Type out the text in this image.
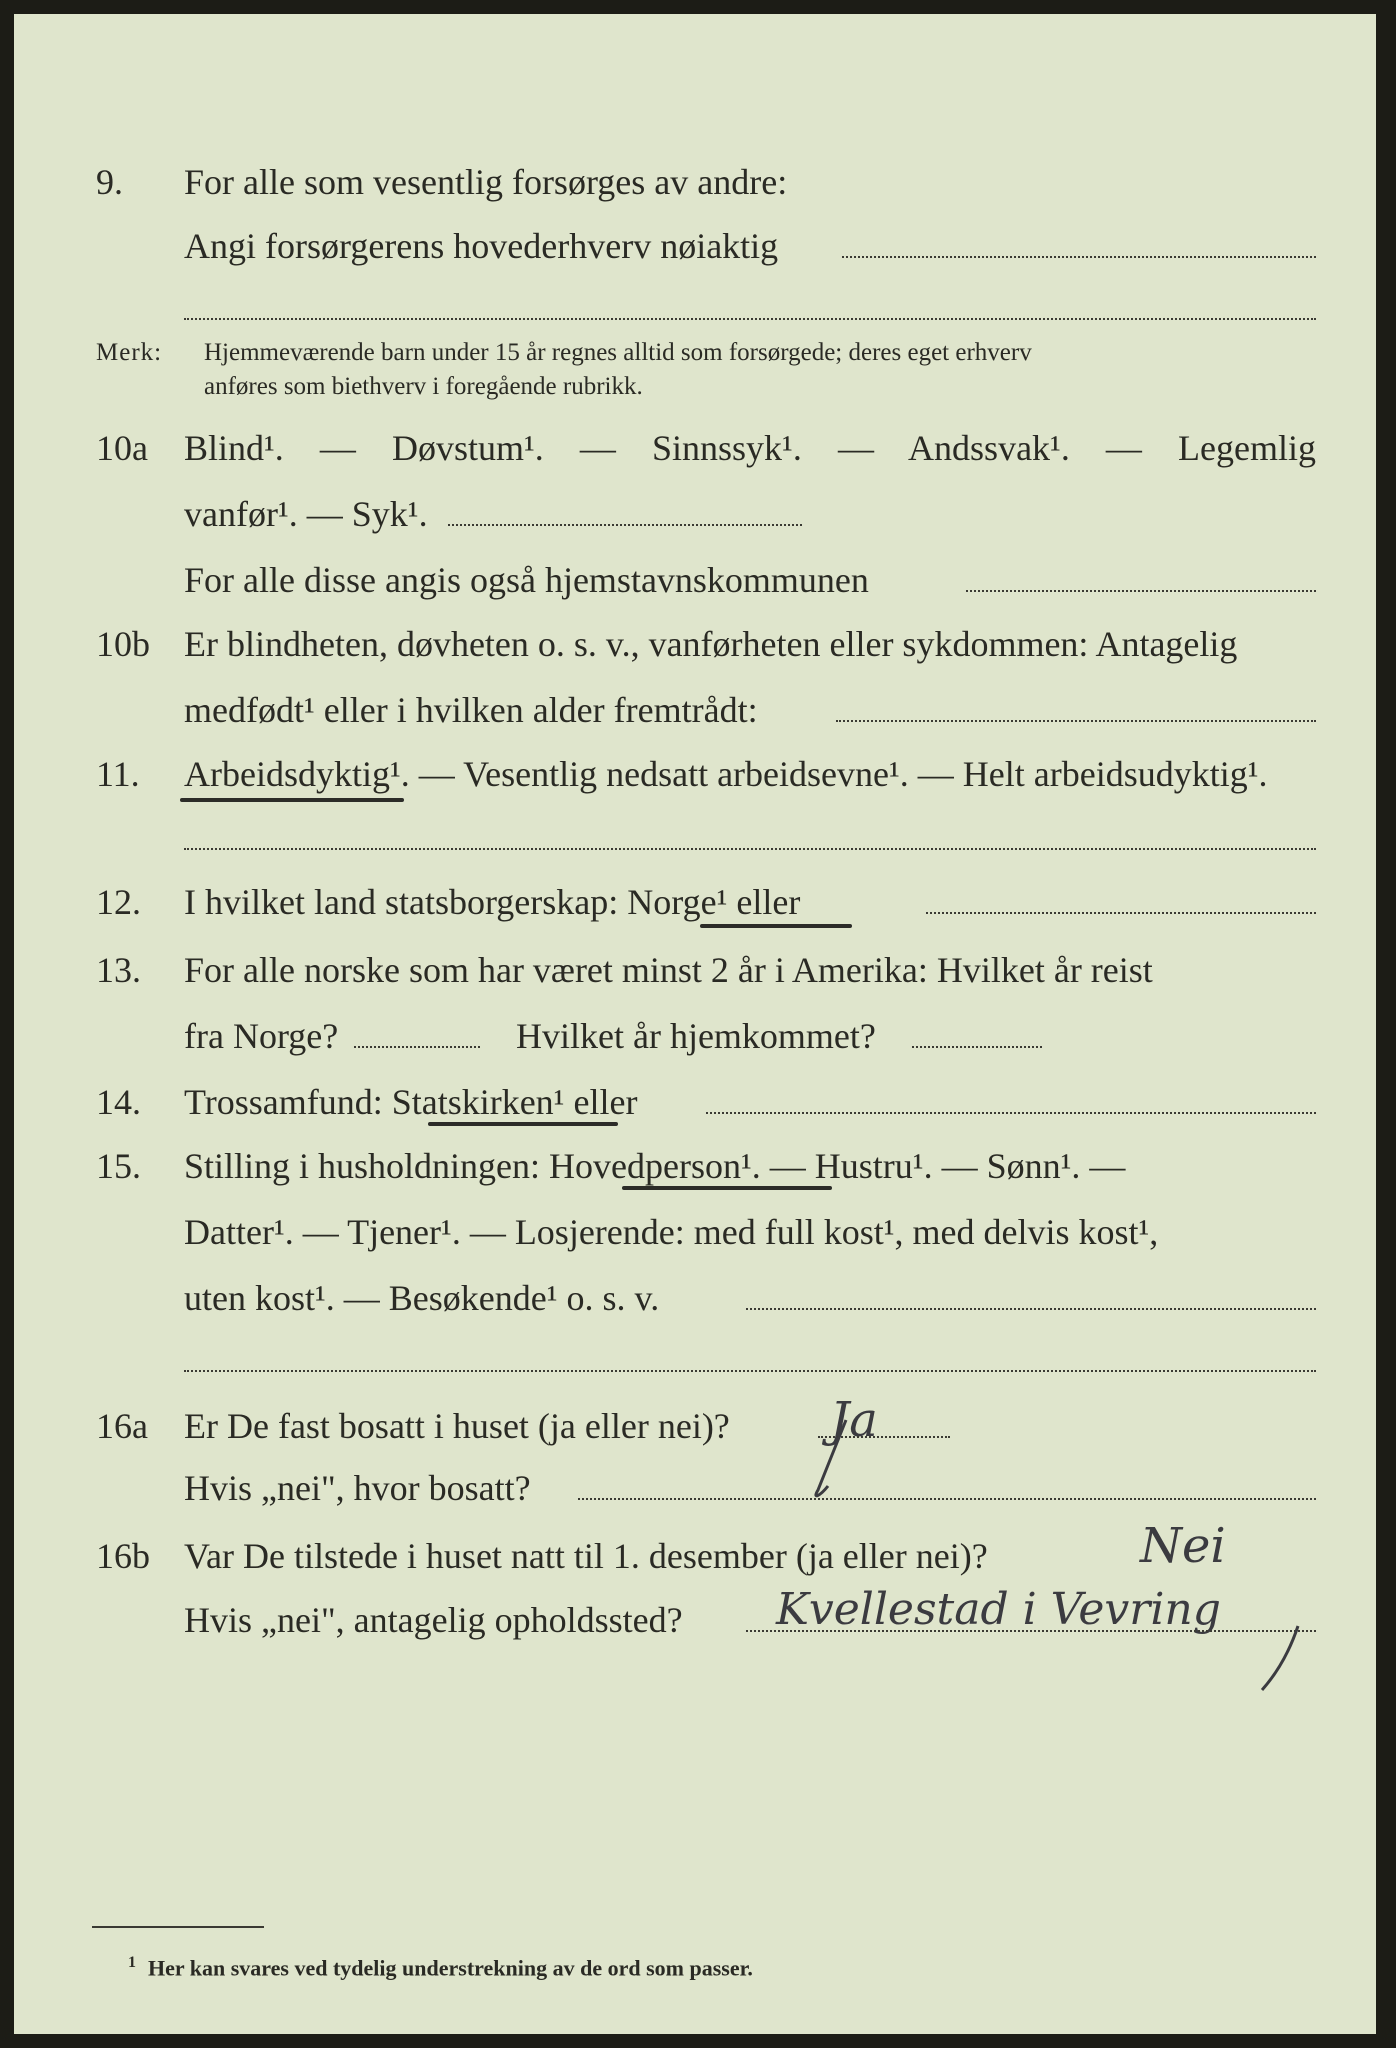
9. For alle som vesentlig forsørges av andre:
Angi forsørgerens hovederhverv nøiaktig
Merk: Hjemmeværende barn under 15 år regnes alltid som forsørgede; deres eget erhverv
anføres som biethverv i foregående rubrikk.
10a Blind¹. — Døvstum¹. — Sinnssyk¹. — Andssvak¹. — Legemlig
vanfør¹. — Syk¹.
For alle disse angis også hjemstavnskommunen
10b Er blindheten, døvheten o. s. v., vanførheten eller sykdommen: Antagelig
medfødt¹ eller i hvilken alder fremtrådt:
11. Arbeidsdyktig¹. — Vesentlig nedsatt arbeidsevne¹. — Helt arbeidsudyktig¹.
12. I hvilket land statsborgerskap: Norge¹ eller
13. For alle norske som har været minst 2 år i Amerika: Hvilket år reist
fra Norge?	Hvilket år hjemkommet?
14. Trossamfund: Statskirken¹ eller
15. Stilling i husholdningen: Hovedperson¹. — Hustru¹. — Sønn¹. —
Datter¹. — Tjener¹. — Losjerende: med full kost¹, med delvis kost¹,
uten kost¹. — Besøkende¹ o. s. v.
16a Er De fast bosatt i huset (ja eller nei)? Ja
Hvis „nei", hvor bosatt?
16b Var De tilstede i huset natt til 1. desember (ja eller nei)?	Nei
Hvis „nei", antagelig opholdssted? Kvellestad i Vevring
$^1$ Her kan svares ved tydelig understrekning av de ord som passer.
